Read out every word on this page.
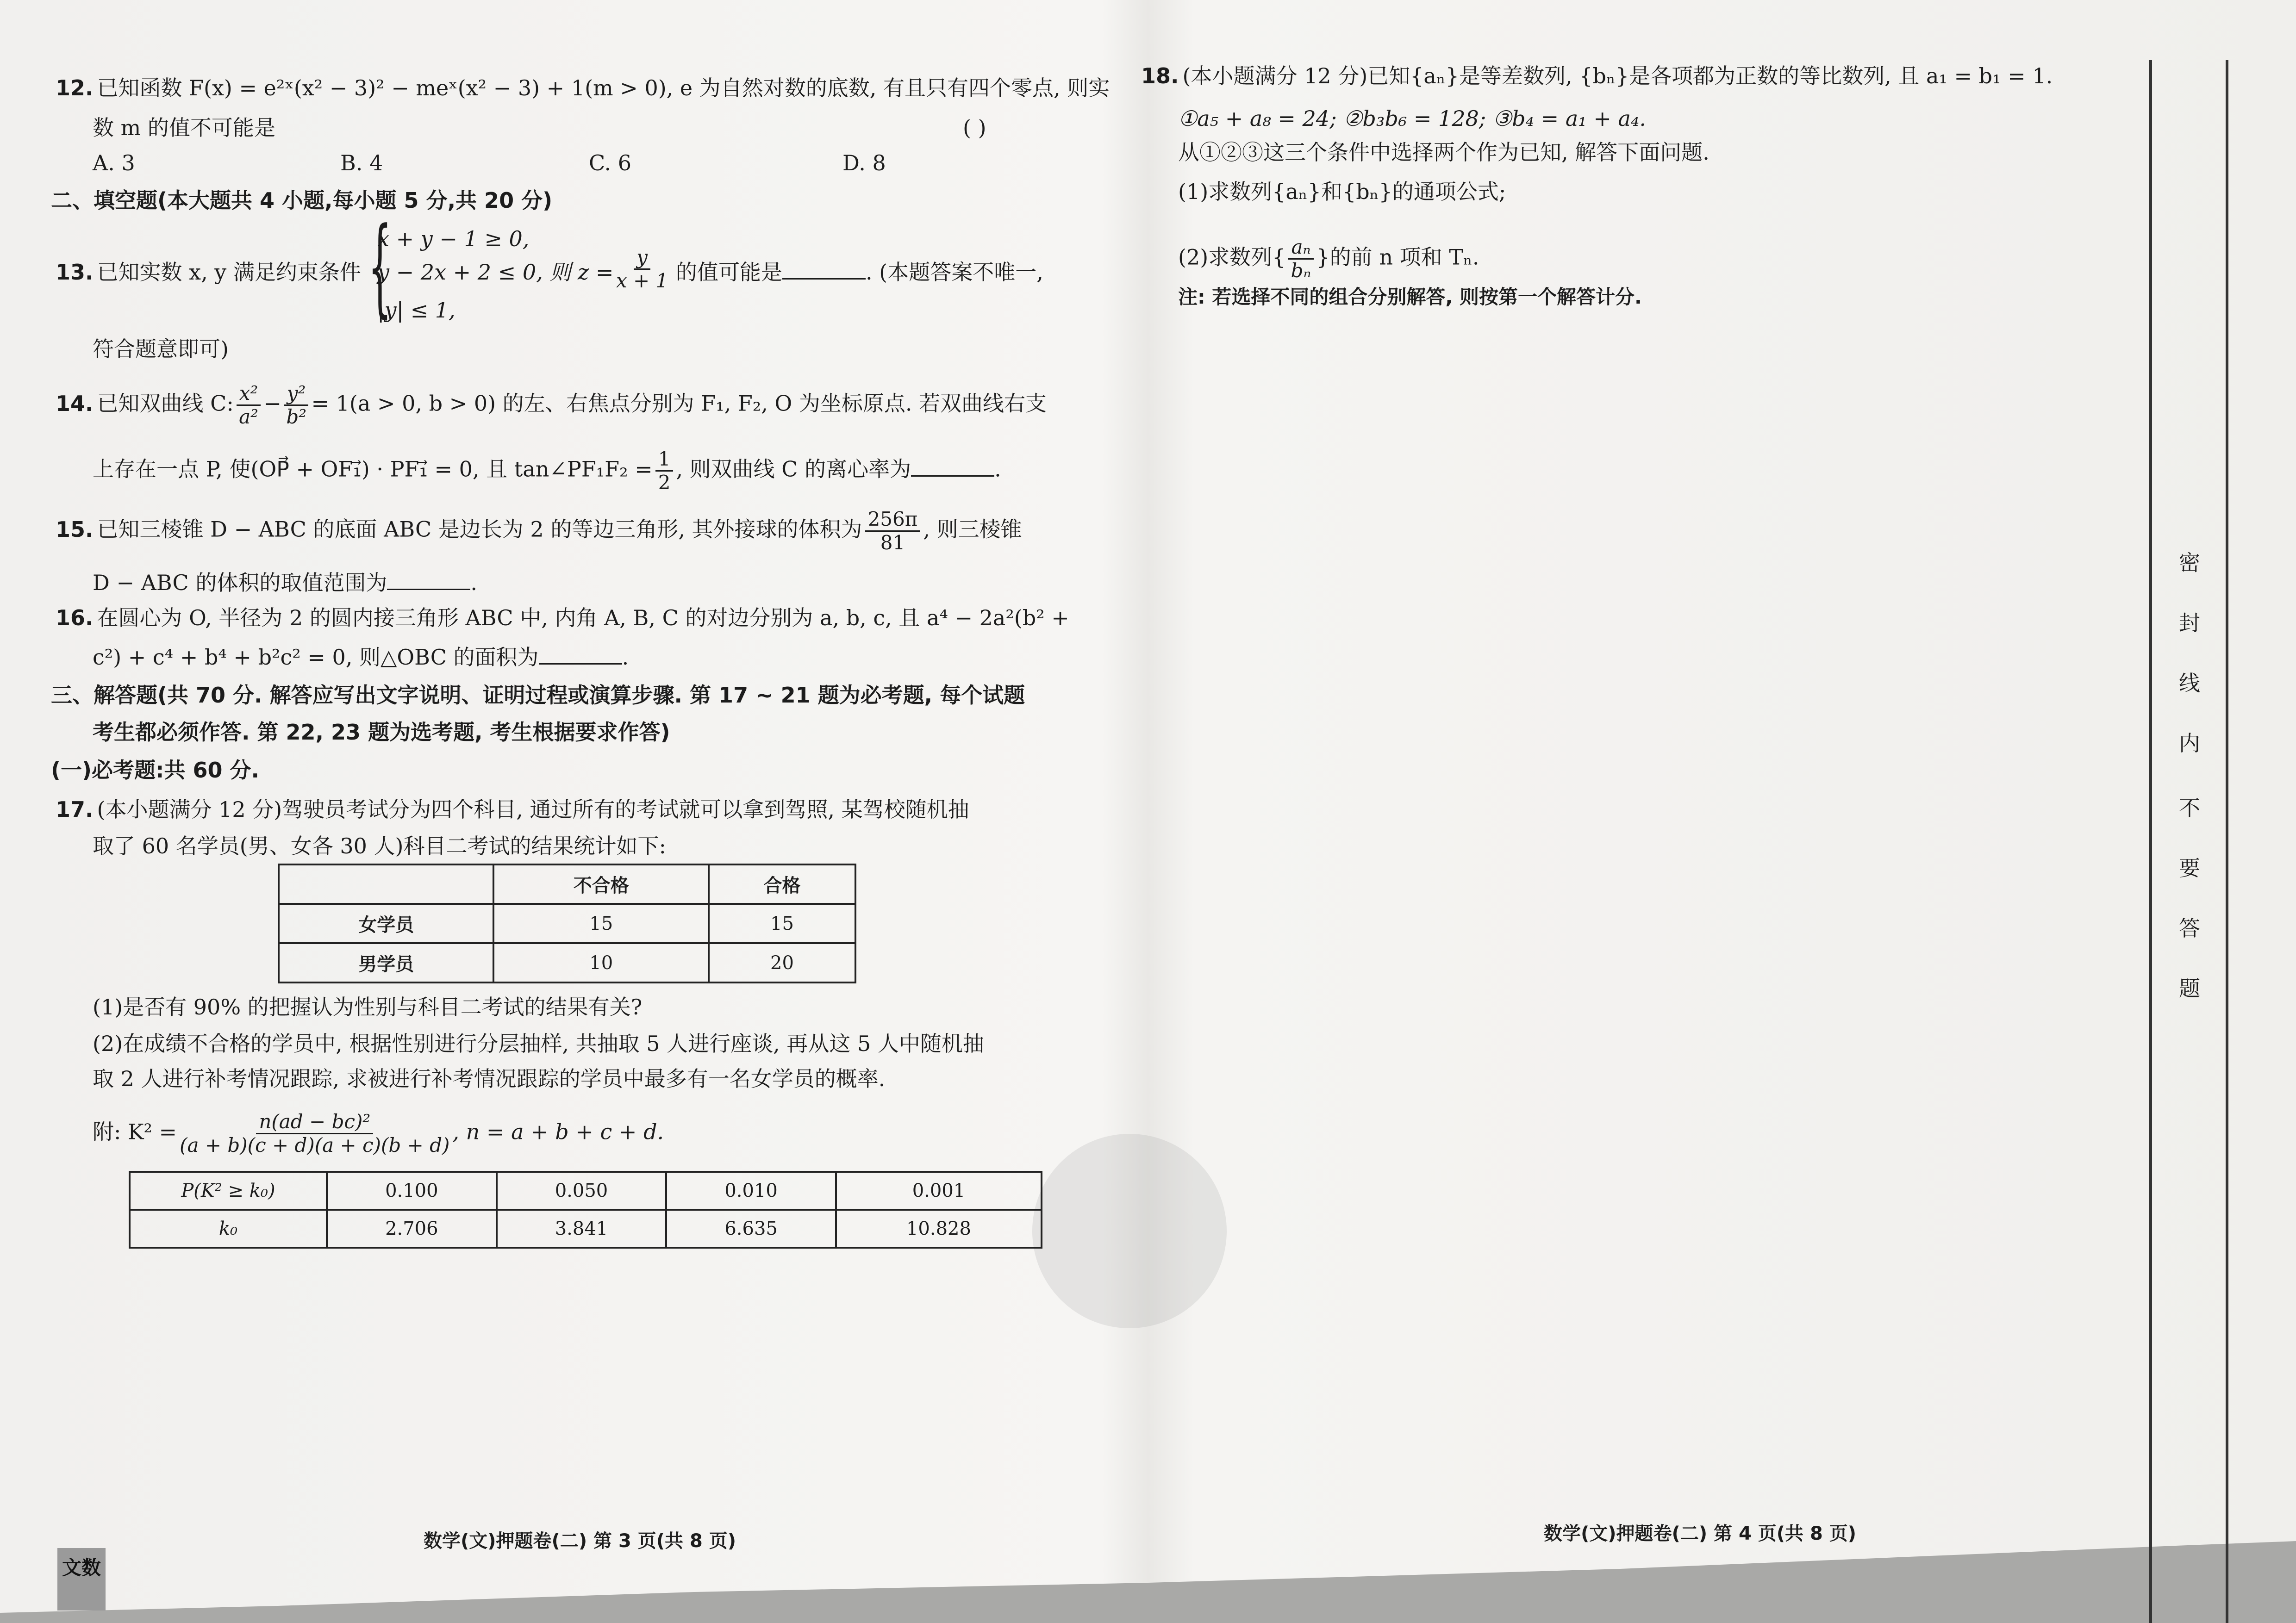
12. 已知函数 F(x) = e²ˣ(x² − 3)² − meˣ(x² − 3) + 1(m > 0), e 为自然对数的底数, 有且只有四个零点, 则实
数 m 的值不可能是	( )
A. 3	B. 4	C. 6	D. 8
二、填空题(本大题共 4 小题,每小题 5 分,共 20 分)
13. 已知实数 x, y 满足约束条件 {
x + y − 1 ≥ 0,
y − 2x + 2 ≤ 0, 则 $z = \frac{y}{x + 1}$ 的值可能是	. (本题答案不唯一,
|y| ≤ 1,
符合题意即可)
14. 已知双曲线 C: $\frac{\text{x²}}{\text{a²}} - \frac{\text{y²}}{\text{b²}} = 1(a > 0$, b > 0) 的左、右焦点分别为 F₁, F₂, O 为坐标原点. 若双曲线右支
上存在一点 P, 使(OP⃗ + OF₁⃗) · PF₁⃗ = 0, 且 tan∠PF₁F₂ = $\frac{1}{2}$ , 则双曲线 C 的离心率为	.
15. 已知三棱锥 D − ABC 的底面 ABC 是边长为 2 的等边三角形, 其外接球的体积为 $\frac{256\pi}{81}$ , 则三棱锥
D − ABC 的体积的取值范围为	.
16. 在圆心为 O, 半径为 2 的圆内接三角形 ABC 中, 内角 A, B, C 的对边分别为 a, b, c, 且 a⁴ − 2a²(b² +
c²) + c⁴ + b⁴ + b²c² = 0, 则△OBC 的面积为	.
三、解答题(共 70 分. 解答应写出文字说明、证明过程或演算步骤. 第 17 ~ 21 题为必考题, 每个试题
考生都必须作答. 第 22, 23 题为选考题, 考生根据要求作答)
(一)必考题:共 60 分.
17. (本小题满分 12 分)驾驶员考试分为四个科目, 通过所有的考试就可以拿到驾照, 某驾校随机抽
取了 60 名学员(男、女各 30 人)科目二考试的结果统计如下:
	不合格	合格
女学员	15	15
男学员	10	20
(1)是否有 90% 的把握认为性别与科目二考试的结果有关?
(2)在成绩不合格的学员中, 根据性别进行分层抽样, 共抽取 5 人进行座谈, 再从这 5 人中随机抽
取 2 人进行补考情况跟踪, 求被进行补考情况跟踪的学员中最多有一名女学员的概率.
附: $K^2 = \frac{\text{n(ad − bc)²}}{(a + b)(c + d)(a + c)(b + d)}$ , n = a + b + c + d.
P(K² ≥ k₀)	0.100	0.050	0.010	0.001
k₀	2.706	3.841	6.635	10.828
18. (本小题满分 12 分)已知{aₙ}是等差数列, {bₙ}是各项都为正数的等比数列, 且 a₁ = b₁ = 1.
①a₅ + a₈ = 24; ②b₃b₆ = 128; ③b₄ = a₁ + a₄.
从①②③这三个条件中选择两个作为已知, 解答下面问题.
(1)求数列{aₙ}和{bₙ}的通项公式;
(2)求数列{ $\frac{\text{aₙ}}{\text{bₙ}}$ }的前 n 项和 Tₙ.
注: 若选择不同的组合分别解答, 则按第一个解答计分.
密
封
线
内
不
要
答
题
数学(文)押题卷(二) 第 3 页(共 8 页)	数学(文)押题卷(二) 第 4 页(共 8 页)
文数
